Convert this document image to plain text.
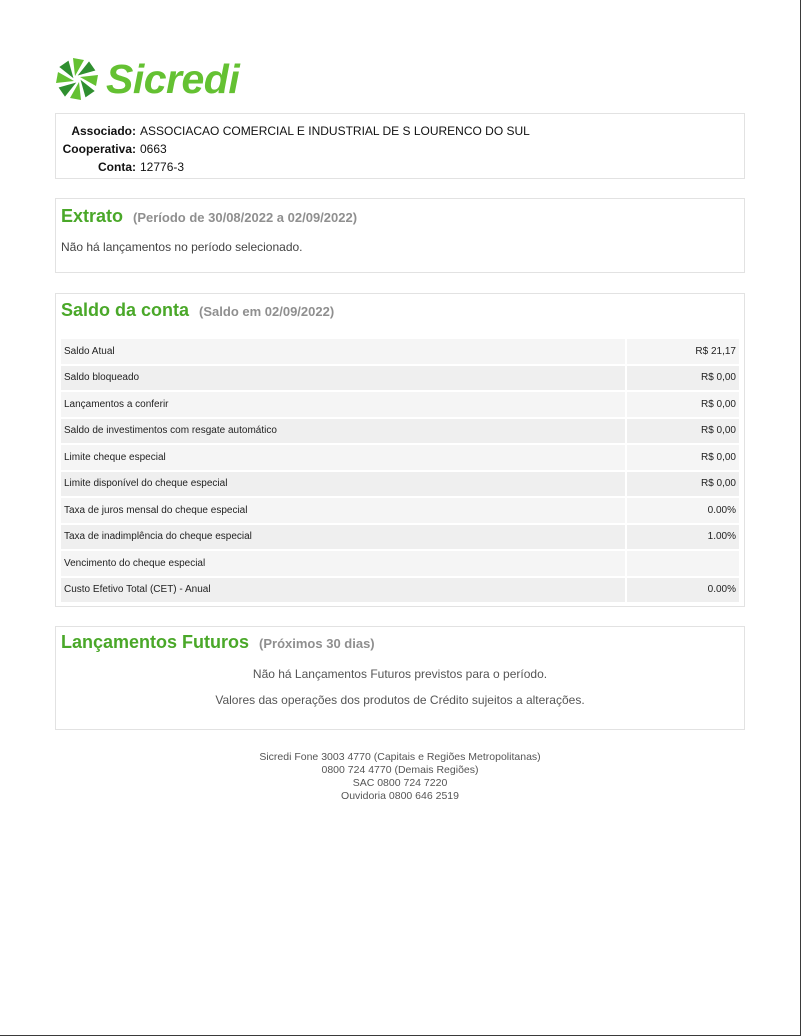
Sicredi
Associado: ASSOCIACAO COMERCIAL E INDUSTRIAL DE S LOURENCO DO SUL
Cooperativa: 0663
Conta: 12776-3
Extrato (Período de 30/08/2022 a 02/09/2022)
Não há lançamentos no período selecionado.
Saldo da conta (Saldo em 02/09/2022)
Saldo Atual	R$ 21,17
Saldo bloqueado	R$ 0,00
Lançamentos a conferir	R$ 0,00
Saldo de investimentos com resgate automático	R$ 0,00
Limite cheque especial	R$ 0,00
Limite disponível do cheque especial	R$ 0,00
Taxa de juros mensal do cheque especial	0.00%
Taxa de inadimplência do cheque especial	1.00%
Vencimento do cheque especial	
Custo Efetivo Total (CET) - Anual	0.00%
Lançamentos Futuros (Próximos 30 dias)
Não há Lançamentos Futuros previstos para o período.
Valores das operações dos produtos de Crédito sujeitos a alterações.
Sicredi Fone 3003 4770 (Capitais e Regiões Metropolitanas)
0800 724 4770 (Demais Regiões)
SAC 0800 724 7220
Ouvidoria 0800 646 2519
